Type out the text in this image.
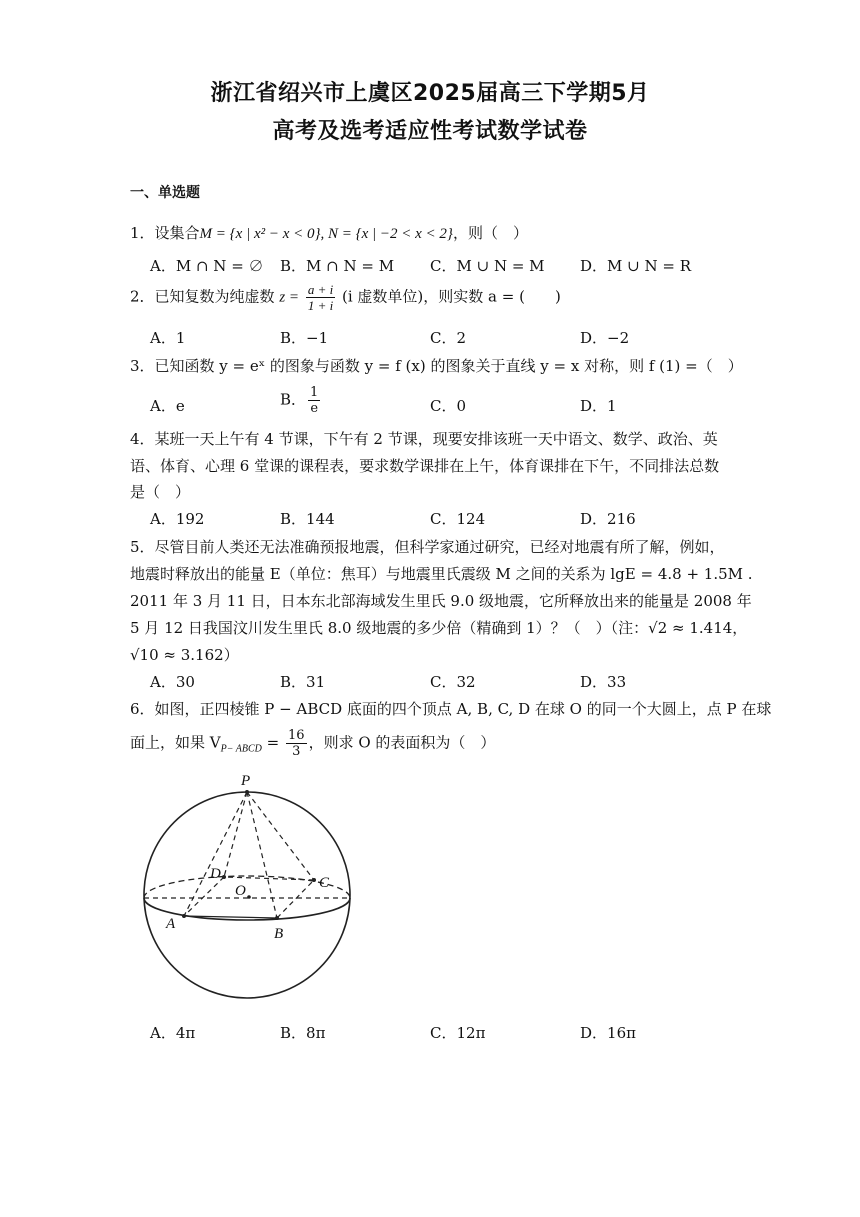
浙江省绍兴市上虞区2025届高三下学期5月
高考及选考适应性考试数学试卷
一、单选题
1．设集合M = {x | x² − x < 0}, N = {x | −2 < x < 2}，则（　）
A．M ∩ N = ∅ B．M ∩ N = M C．M ∪ N = M D．M ∪ N = R
2．已知复数为纯虚数 $z = \frac{a + i}{1 + i} (i$ 虚数单位)，则实数 a = (　　)
A．1	B．−1	C．2	D．−2
3．已知函数 y = eˣ 的图象与函数 y = f (x) 的图象关于直线 y = x 对称，则 f (1) =（　）
A．e	B． $\frac{1}{e}$	C．0	D．1
4．某班一天上午有 4 节课，下午有 2 节课，现要安排该班一天中语文、数学、政治、英
语、体育、心理 6 堂课的课程表，要求数学课排在上午，体育课排在下午，不同排法总数
是（　）
A．192	B．144	C．124	D．216
5．尽管目前人类还无法准确预报地震，但科学家通过研究，已经对地震有所了解，例如，
地震时释放出的能量 E（单位：焦耳）与地震里氏震级 M 之间的关系为 lgE = 4.8 + 1.5M .
2011 年 3 月 11 日，日本东北部海域发生里氏 9.0 级地震，它所释放出来的能量是 2008 年
5 月 12 日我国汶川发生里氏 8.0 级地震的多少倍（精确到 1）？（　）（注：√2 ≈ 1.414，
√10 ≈ 3.162）
A．30	B．31	C．32	D．33
6．如图，正四棱锥 P − ABCD 底面的四个顶点 A, B, C, D 在球 O 的同一个大圆上，点 P 在球
面上，如果 $V_{P- ABCD} = \frac{16}{3}$ ，则求 O 的表面积为（　）
P
D
O	C
A
B
A．4π	B．8π	C．12π	D．16π
